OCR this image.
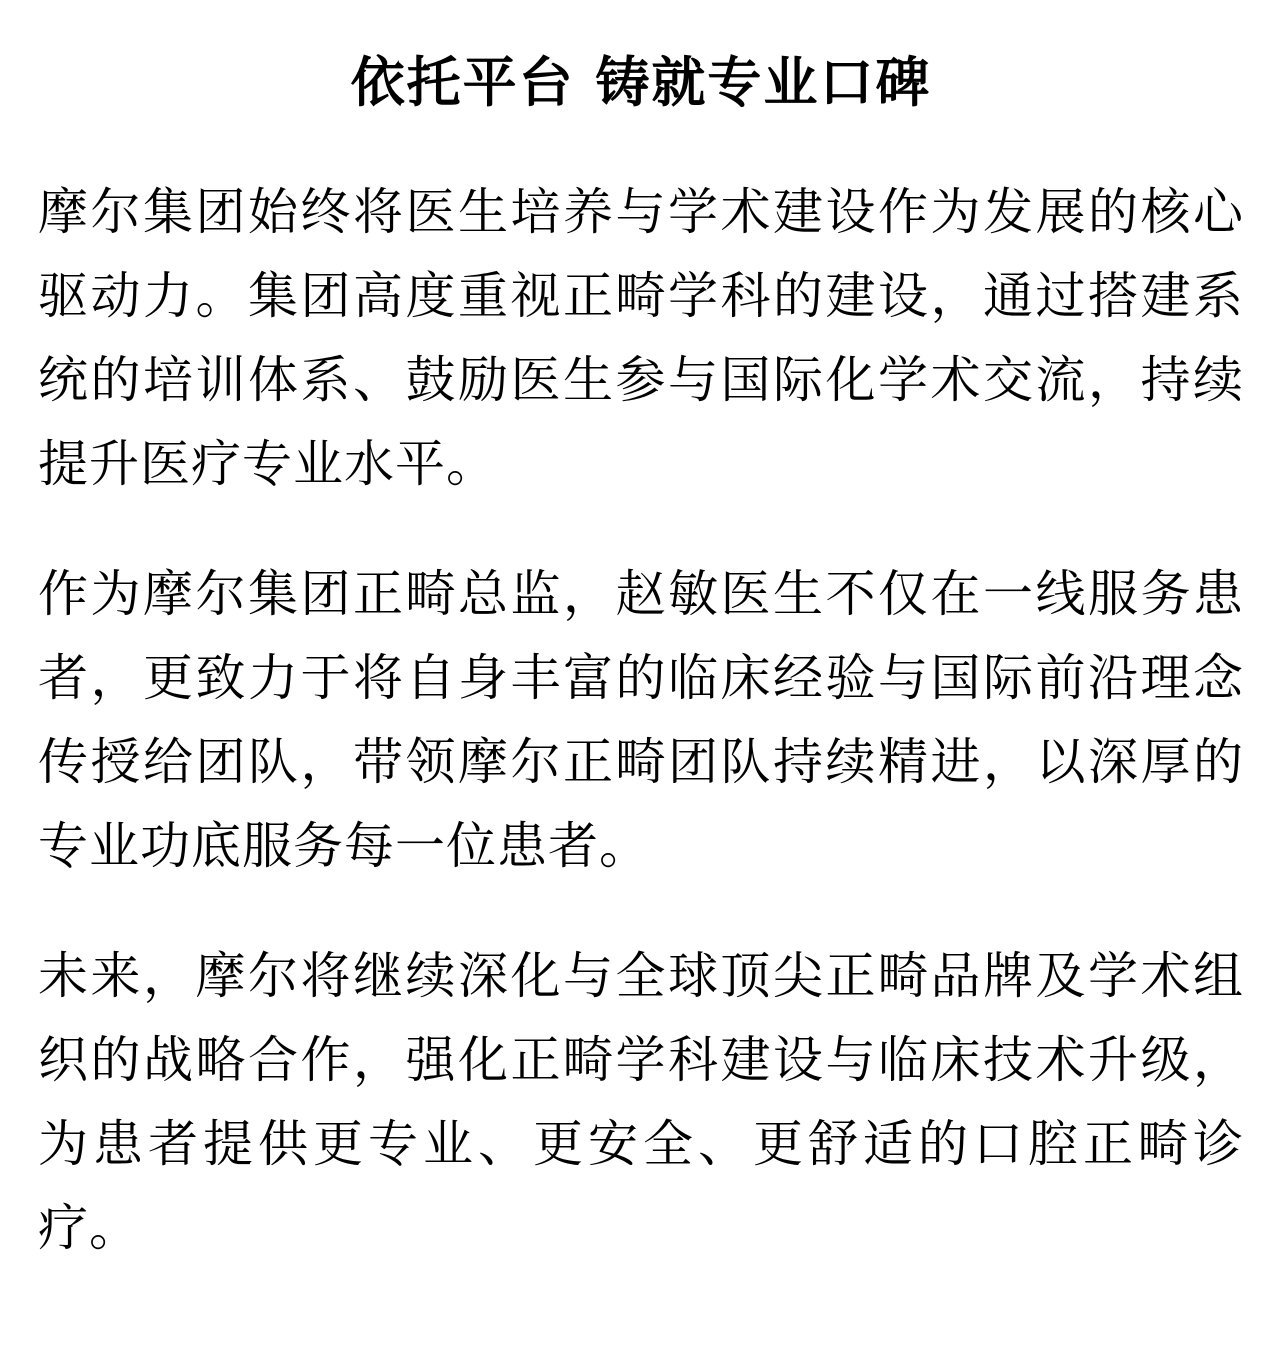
依托平台 铸就专业口碑

摩尔集团始终将医生培养与学术建设作为发展的核心驱动力。集团高度重视正畸学科的建设，通过搭建系统的培训体系、鼓励医生参与国际化学术交流，持续提升医疗专业水平。

作为摩尔集团正畸总监，赵敏医生不仅在一线服务患者，更致力于将自身丰富的临床经验与国际前沿理念传授给团队，带领摩尔正畸团队持续精进，以深厚的专业功底服务每一位患者。

未来，摩尔将继续深化与全球顶尖正畸品牌及学术组织的战略合作，强化正畸学科建设与临床技术升级，为患者提供更专业、更安全、更舒适的口腔正畸诊疗。
